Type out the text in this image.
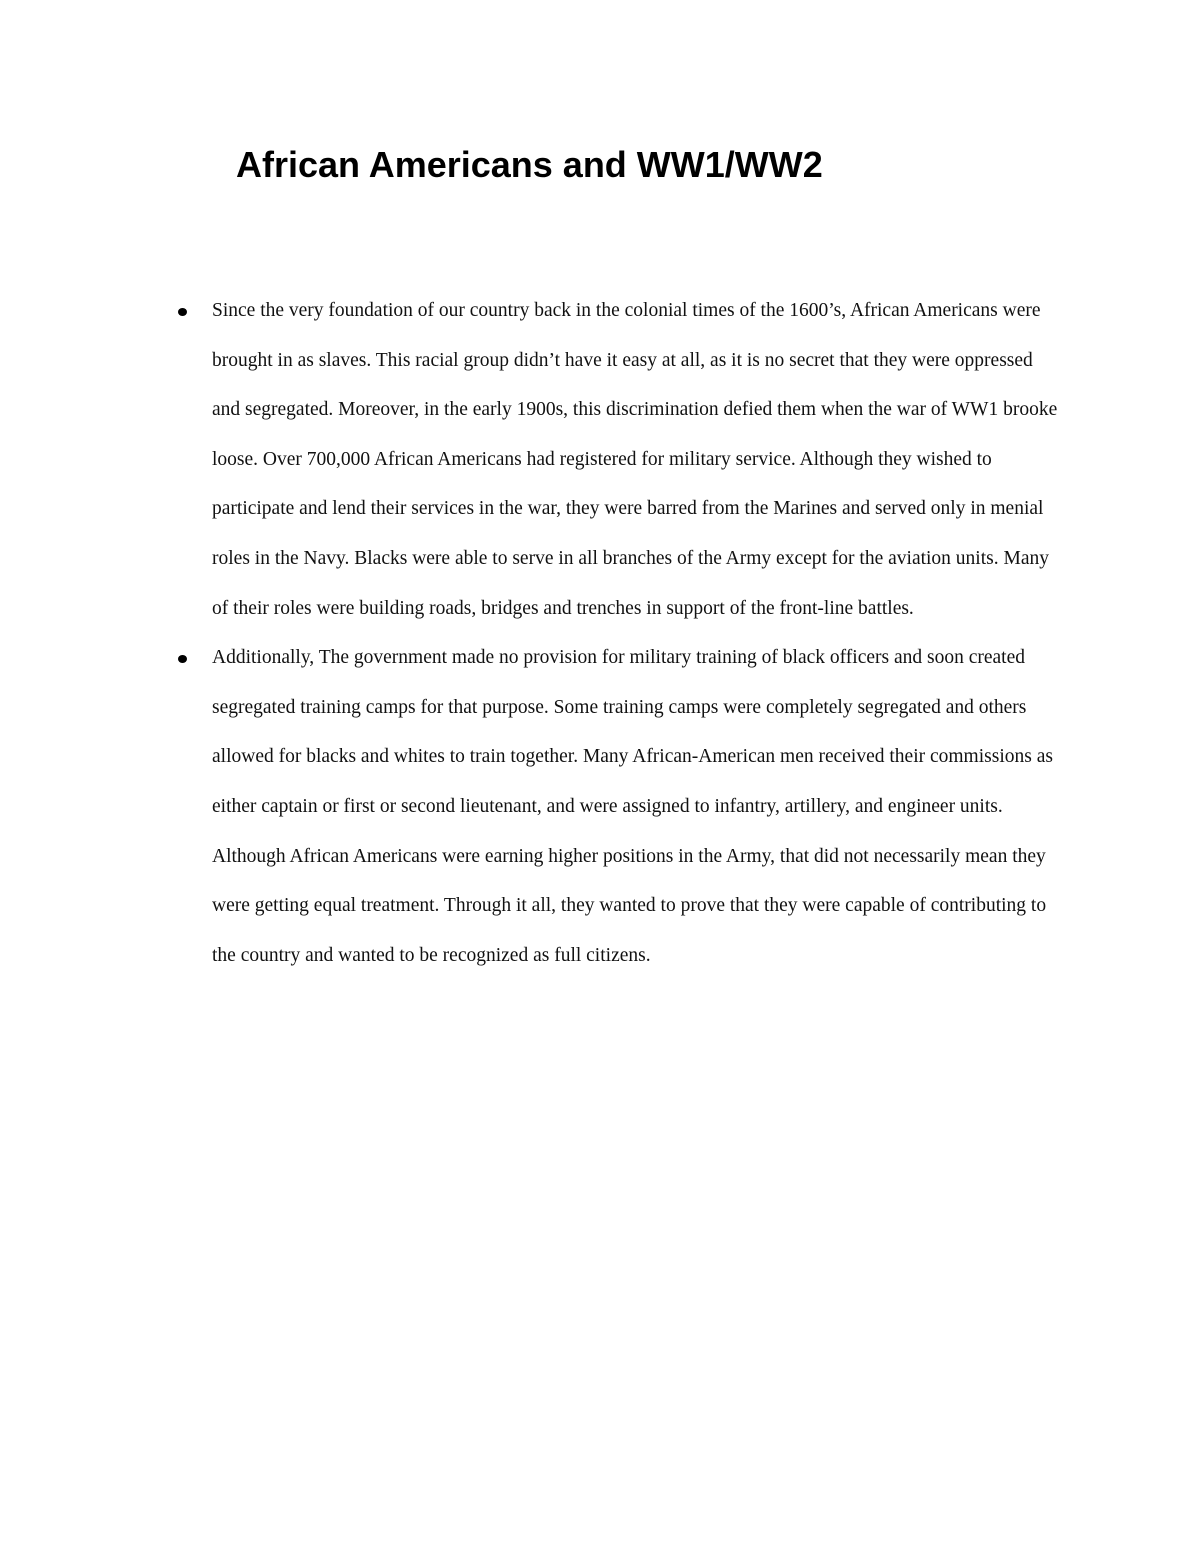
African Americans and WW1/WW2
Since the very foundation of our country back in the colonial times of the 1600’s, African Americans were brought in as slaves. This racial group didn’t have it easy at all, as it is no secret that they were oppressed and segregated. Moreover, in the early 1900s, this discrimination defied them when the war of WW1 brooke loose. Over 700,000 African Americans had registered for military service. Although they wished to participate and lend their services in the war, they were barred from the Marines and served only in menial roles in the Navy. Blacks were able to serve in all branches of the Army except for the aviation units. Many of their roles were building roads, bridges and trenches in support of the front-line battles.
Additionally, The government made no provision for military training of black officers and soon created segregated training camps for that purpose. Some training camps were completely segregated and others allowed for blacks and whites to train together. Many African-American men received their commissions as either captain or first or second lieutenant, and were assigned to infantry, artillery, and engineer units. Although African Americans were earning higher positions in the Army, that did not necessarily mean they were getting equal treatment. Through it all, they wanted to prove that they were capable of contributing to the country and wanted to be recognized as full citizens.
